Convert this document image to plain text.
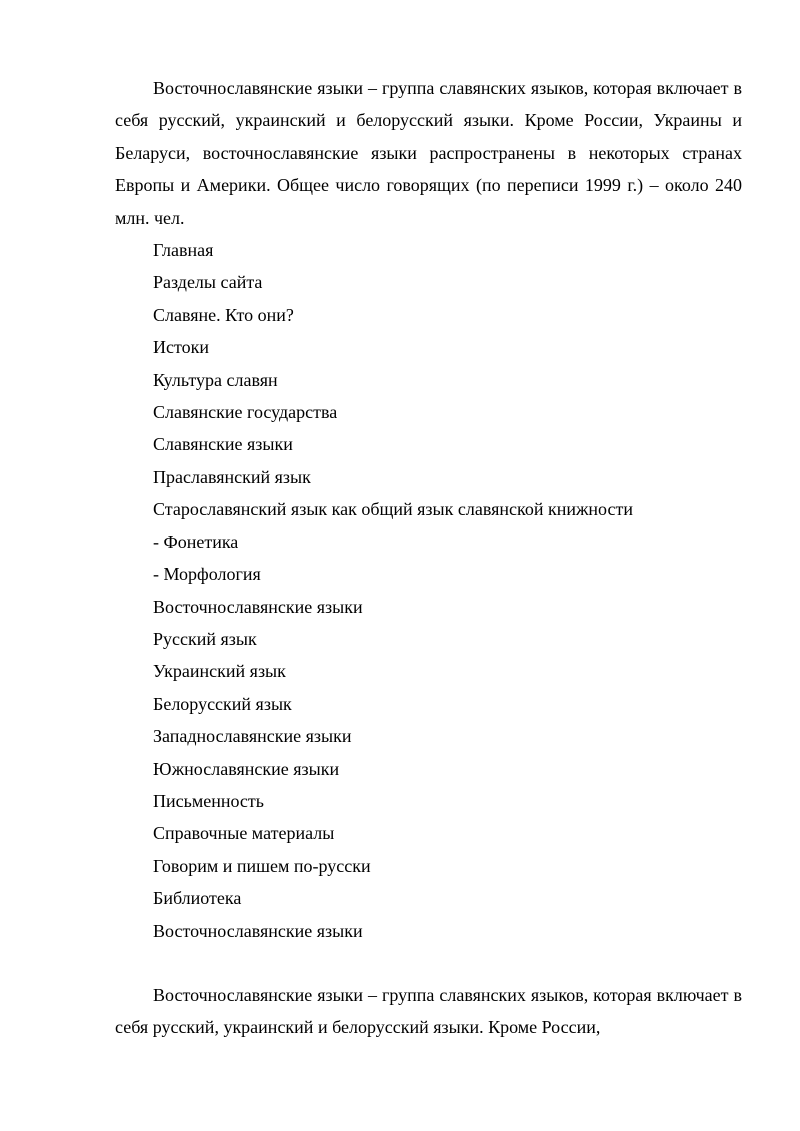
Восточнославянские языки – группа славянских языков, которая включает в себя русский, украинский и белорусский языки. Кроме России, Украины и Беларуси, восточнославянские языки распространены в некоторых странах Европы и Америки. Общее число говорящих (по переписи 1999 г.) – около 240 млн. чел.

Главная
Разделы сайта
Славяне. Кто они?
Истоки
Культура славян
Славянские государства
Славянские языки
Праславянский язык
Старославянский язык как общий язык славянской книжности
- Фонетика
- Морфология
Восточнославянские языки
Русский язык
Украинский язык
Белорусский язык
Западнославянские языки
Южнославянские языки
Письменность
Справочные материалы
Говорим и пишем по-русски
Библиотека
Восточнославянские языки

Восточнославянские языки – группа славянских языков, которая включает в себя русский, украинский и белорусский языки. Кроме России,
